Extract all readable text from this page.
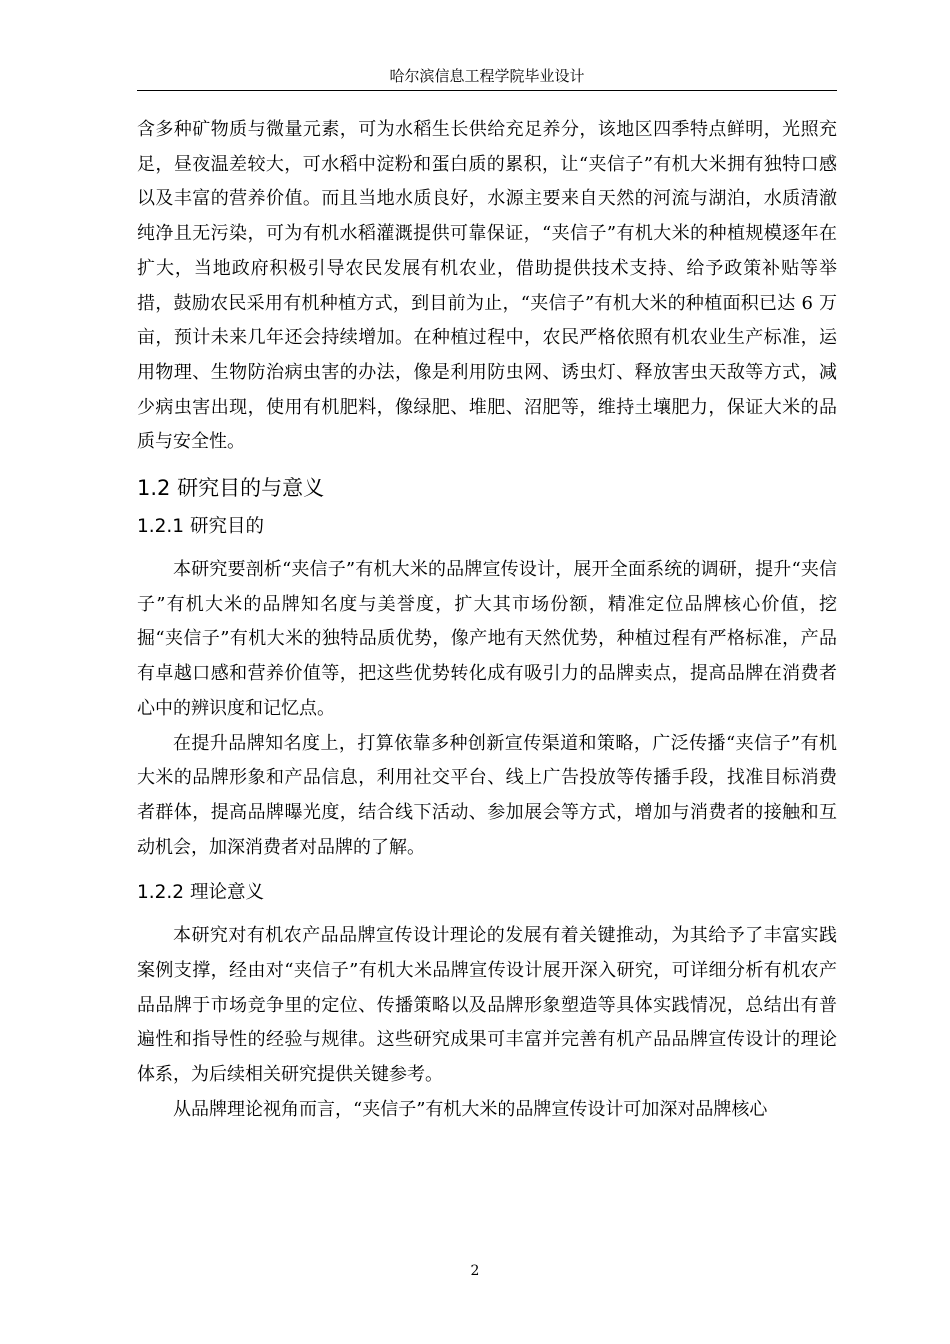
哈尔滨信息工程学院毕业设计

含多种矿物质与微量元素，可为水稻生长供给充足养分，该地区四季特点鲜明，光照充足，昼夜温差较大，可水稻中淀粉和蛋白质的累积，让“夹信子”有机大米拥有独特口感以及丰富的营养价值。而且当地水质良好，水源主要来自天然的河流与湖泊，水质清澈纯净且无污染，可为有机水稻灌溉提供可靠保证，“夹信子”有机大米的种植规模逐年在扩大，当地政府积极引导农民发展有机农业，借助提供技术支持、给予政策补贴等举措，鼓励农民采用有机种植方式，到目前为止，“夹信子”有机大米的种植面积已达 6 万亩，预计未来几年还会持续增加。在种植过程中，农民严格依照有机农业生产标准，运用物理、生物防治病虫害的办法，像是利用防虫网、诱虫灯、释放害虫天敌等方式，减少病虫害出现，使用有机肥料，像绿肥、堆肥、沼肥等，维持土壤肥力，保证大米的品质与安全性。

1.2 研究目的与意义
1.2.1 研究目的

本研究要剖析“夹信子”有机大米的品牌宣传设计，展开全面系统的调研，提升“夹信子”有机大米的品牌知名度与美誉度，扩大其市场份额，精准定位品牌核心价值，挖掘“夹信子”有机大米的独特品质优势，像产地有天然优势，种植过程有严格标准，产品有卓越口感和营养价值等，把这些优势转化成有吸引力的品牌卖点，提高品牌在消费者心中的辨识度和记忆点。

在提升品牌知名度上，打算依靠多种创新宣传渠道和策略，广泛传播“夹信子”有机大米的品牌形象和产品信息，利用社交平台、线上广告投放等传播手段，找准目标消费者群体，提高品牌曝光度，结合线下活动、参加展会等方式，增加与消费者的接触和互动机会，加深消费者对品牌的了解。

1.2.2 理论意义

本研究对有机农产品品牌宣传设计理论的发展有着关键推动，为其给予了丰富实践案例支撑，经由对“夹信子”有机大米品牌宣传设计展开深入研究，可详细分析有机农产品品牌于市场竞争里的定位、传播策略以及品牌形象塑造等具体实践情况，总结出有普遍性和指导性的经验与规律。这些研究成果可丰富并完善有机产品品牌宣传设计的理论体系，为后续相关研究提供关键参考。

从品牌理论视角而言，“夹信子”有机大米的品牌宣传设计可加深对品牌核心

2
